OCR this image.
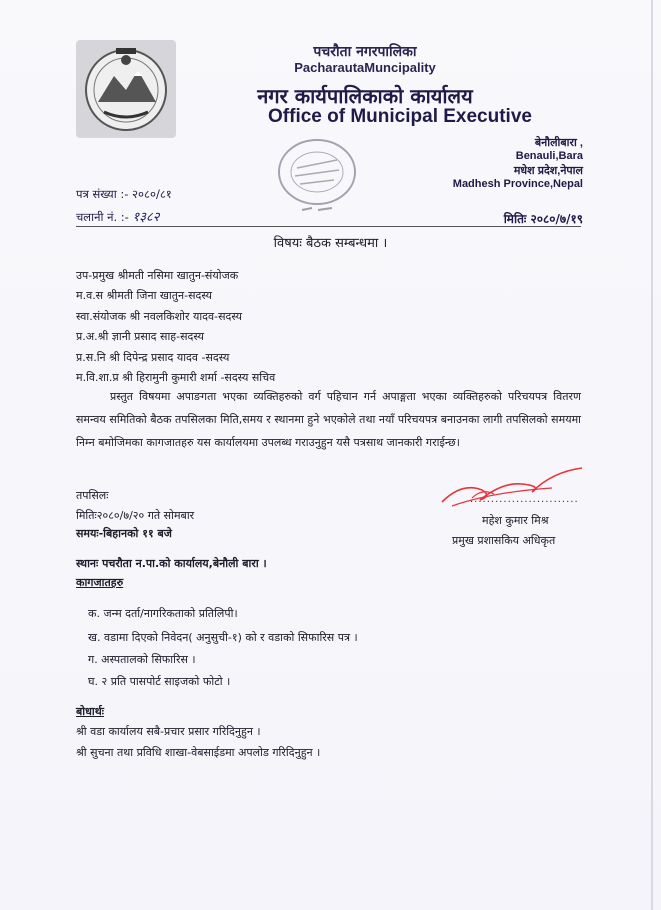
पचरौता नगरपालिका
PacharautaMuncipality
नगर कार्यपालिकाको कार्यालय
Office of Municipal Executive
बेनौलीबारा ,
Benauli,Bara
मधेश प्रदेश,नेपाल
Madhesh Province,Nepal
पत्र संख्या :- २०८०/८१
चलानी नं. :- १३८२	मितिः २०८०/७/१९
विषयः बैठक सम्बन्धमा ।
उप-प्रमुख श्रीमती नसिमा खातुन-संयोजक
म.व.स श्रीमती जिना खातुन-सदस्य
स्वा.संयोजक श्री नवलकिशोर यादव-सदस्य
प्र.अ.श्री ज्ञानी प्रसाद साह-सदस्य
प्र.स.नि श्री दिपेन्द्र प्रसाद यादव -सदस्य
म.वि.शा.प्र श्री हिरामुनी कुमारी शर्मा -सदस्य सचिव
प्रस्तुत विषयमा अपाङगता भएका व्यक्तिहरुको वर्ग पहिचान गर्न अपाङ्गता भएका व्यक्तिहरुको परिचयपत्र वितरण समन्वय समितिको बैठक तपसिलका मिति,समय र स्थानमा हुने भएकोले तथा नयाँ परिचयपत्र बनाउनका लागी तपसिलको समयमा निम्न बमोजिमका कागजातहरु यस कार्यालयमा उपलब्ध गराउनुहुन यसै पत्रसाथ जानकारी गराईन्छ।
तपसिलः
मितिः२०८०/७/२० गते सोमबार
समयः-बिहानको ११ बजे
स्थानः पचरौता न.पा.को कार्यालय,बेनौली बारा ।
कागजातहरु
क. जन्म दर्ता/नागरिकताको प्रतिलिपी।
ख. वडामा दिएको निवेदन( अनुसुची-१) को र वडाको सिफारिस पत्र ।
ग. अस्पतालको सिफारिस ।
घ. २ प्रति पासपोर्ट साइजको फोटो ।
..........................
महेश कुमार मिश्र
प्रमुख प्रशासकिय अधिकृत
बोधार्थः
श्री वडा कार्यालय सबै-प्रचार प्रसार गरिदिनुहुन ।
श्री सुचना तथा प्रविधि शाखा-वेबसाईडमा अपलोड गरिदिनुहुन ।
